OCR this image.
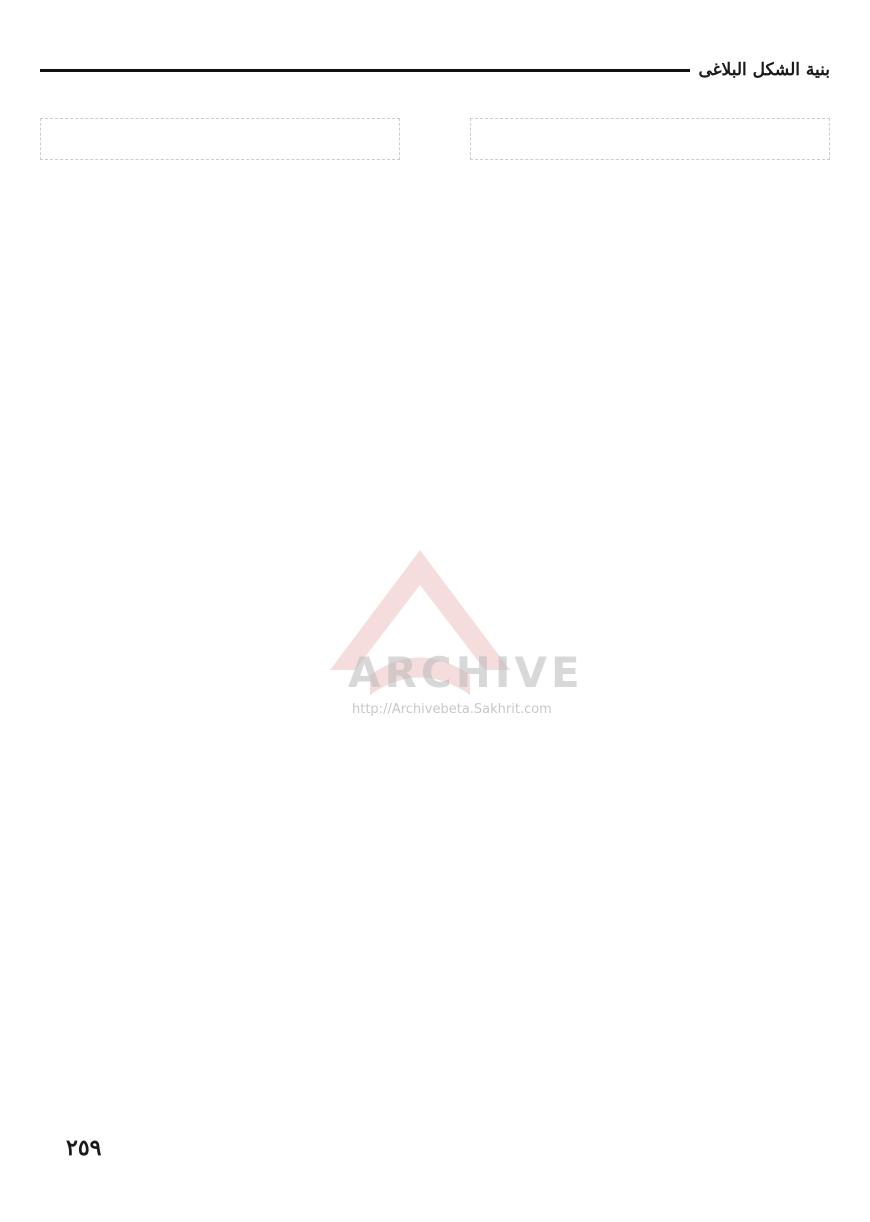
بنية الشكل البلاغى

ARCHIVE
http://Archivebeta.Sakhrit.com
٢٥٩
